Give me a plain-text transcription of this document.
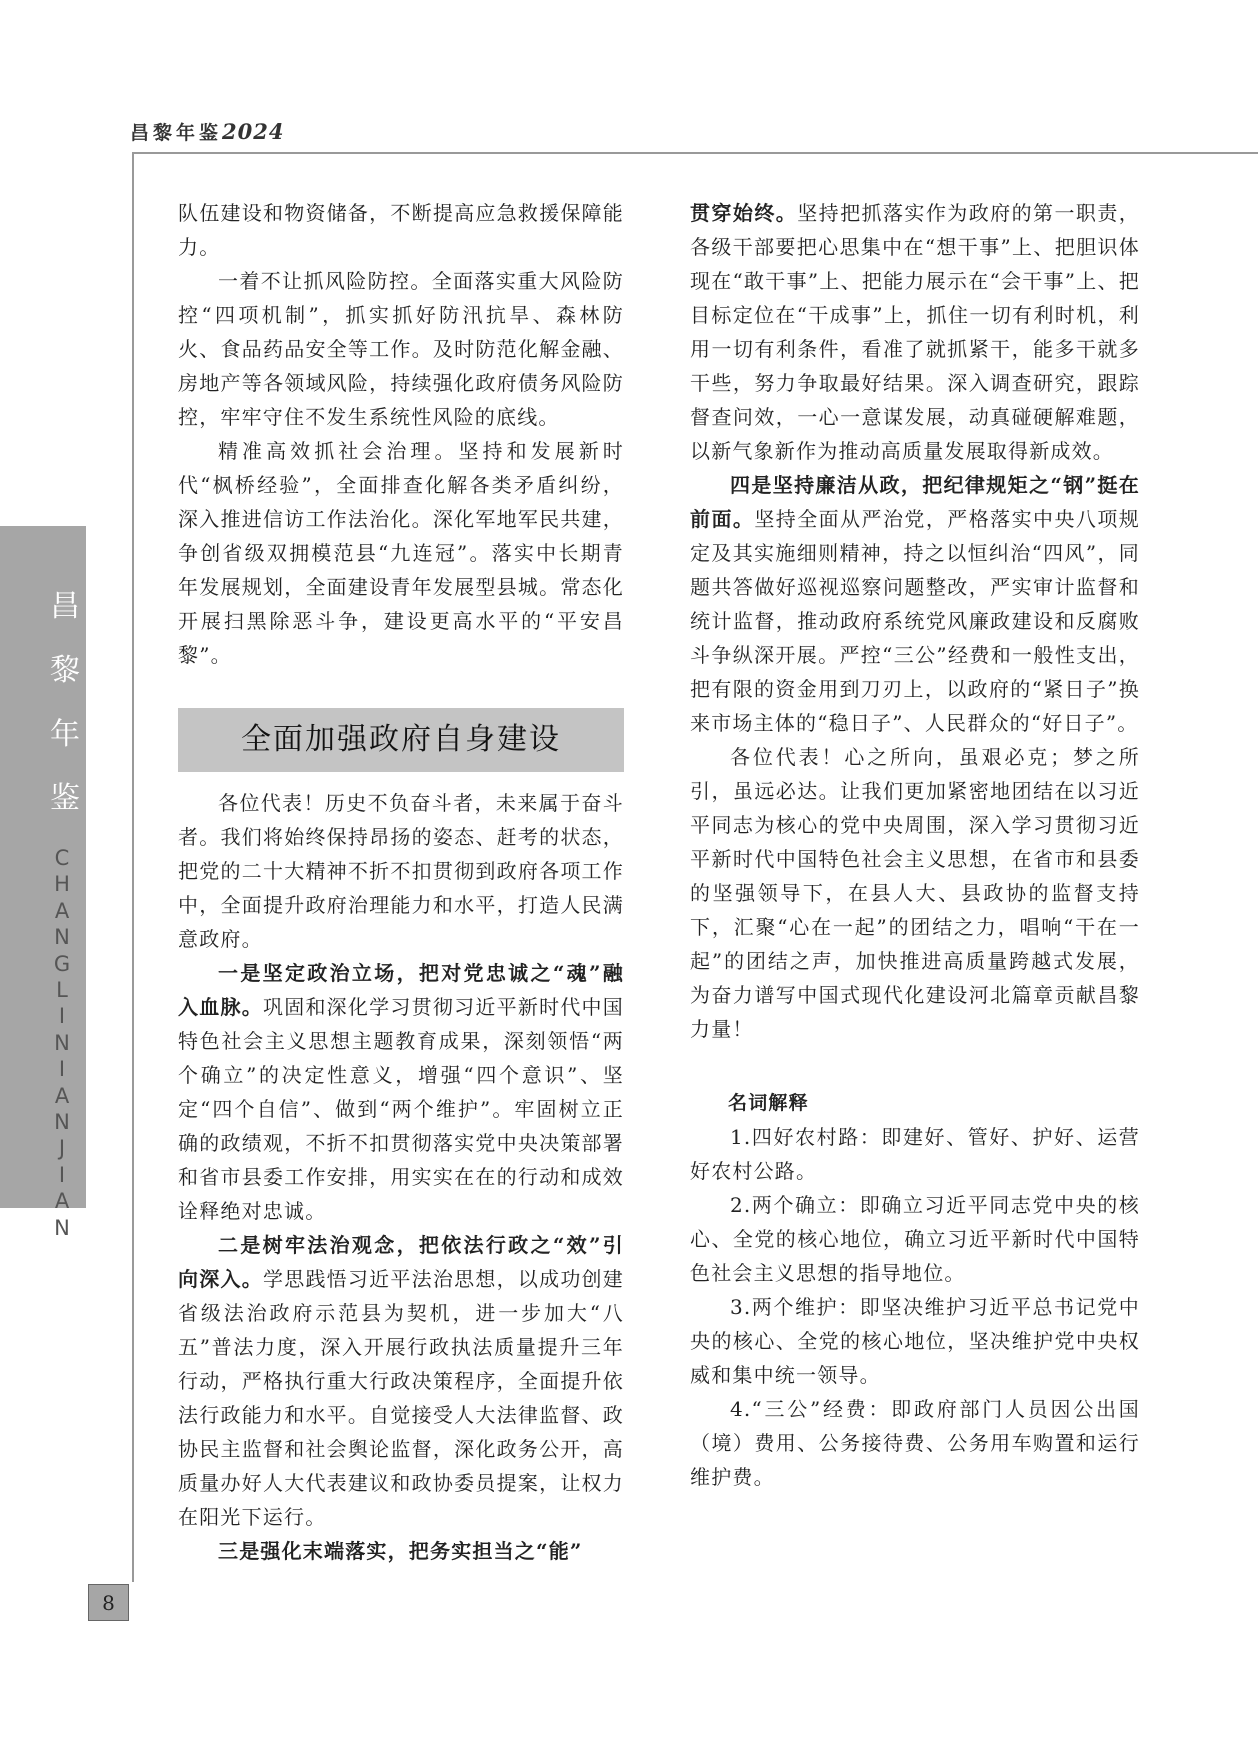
昌黎年鉴2024
昌
黎
年
鉴
C
H
A
N
G
L
I
N
I
A
N
J
I
A
N
8

队伍建设和物资储备，不断提高应急救援保障能力。

一着不让抓风险防控。全面落实重大风险防控“四项机制”，抓实抓好防汛抗旱、森林防火、食品药品安全等工作。及时防范化解金融、房地产等各领域风险，持续强化政府债务风险防控，牢牢守住不发生系统性风险的底线。

精准高效抓社会治理。坚持和发展新时代“枫桥经验”，全面排查化解各类矛盾纠纷，深入推进信访工作法治化。深化军地军民共建，争创省级双拥模范县“九连冠”。落实中长期青年发展规划，全面建设青年发展型县城。常态化开展扫黑除恶斗争，建设更高水平的“平安昌黎”。

全面加强政府自身建设

各位代表！历史不负奋斗者，未来属于奋斗者。我们将始终保持昂扬的姿态、赶考的状态，把党的二十大精神不折不扣贯彻到政府各项工作中，全面提升政府治理能力和水平，打造人民满意政府。

一是坚定政治立场，把对党忠诚之“魂”融入血脉。巩固和深化学习贯彻习近平新时代中国特色社会主义思想主题教育成果，深刻领悟“两个确立”的决定性意义，增强“四个意识”、坚定“四个自信”、做到“两个维护”。牢固树立正确的政绩观，不折不扣贯彻落实党中央决策部署和省市县委工作安排，用实实在在的行动和成效诠释绝对忠诚。

二是树牢法治观念，把依法行政之“效”引向深入。学思践悟习近平法治思想，以成功创建省级法治政府示范县为契机，进一步加大“八五”普法力度，深入开展行政执法质量提升三年行动，严格执行重大行政决策程序，全面提升依法行政能力和水平。自觉接受人大法律监督、政协民主监督和社会舆论监督，深化政务公开，高质量办好人大代表建议和政协委员提案，让权力在阳光下运行。

三是强化末端落实，把务实担当之“能”

贯穿始终。坚持把抓落实作为政府的第一职责，各级干部要把心思集中在“想干事”上、把胆识体现在“敢干事”上、把能力展示在“会干事”上、把目标定位在“干成事”上，抓住一切有利时机，利用一切有利条件，看准了就抓紧干，能多干就多干些，努力争取最好结果。深入调查研究，跟踪督查问效，一心一意谋发展，动真碰硬解难题，以新气象新作为推动高质量发展取得新成效。

四是坚持廉洁从政，把纪律规矩之“钢”挺在前面。坚持全面从严治党，严格落实中央八项规定及其实施细则精神，持之以恒纠治“四风”，同题共答做好巡视巡察问题整改，严实审计监督和统计监督，推动政府系统党风廉政建设和反腐败斗争纵深开展。严控“三公”经费和一般性支出，把有限的资金用到刀刃上，以政府的“紧日子”换来市场主体的“稳日子”、人民群众的“好日子”。

各位代表！心之所向，虽艰必克；梦之所引，虽远必达。让我们更加紧密地团结在以习近平同志为核心的党中央周围，深入学习贯彻习近平新时代中国特色社会主义思想，在省市和县委的坚强领导下，在县人大、县政协的监督支持下，汇聚“心在一起”的团结之力，唱响“干在一起”的团结之声，加快推进高质量跨越式发展，为奋力谱写中国式现代化建设河北篇章贡献昌黎力量！

名词解释

1.四好农村路：即建好、管好、护好、运营好农村公路。

2.两个确立：即确立习近平同志党中央的核心、全党的核心地位，确立习近平新时代中国特色社会主义思想的指导地位。

3.两个维护：即坚决维护习近平总书记党中央的核心、全党的核心地位，坚决维护党中央权威和集中统一领导。

4.“三公”经费：即政府部门人员因公出国（境）费用、公务接待费、公务用车购置和运行维护费。
